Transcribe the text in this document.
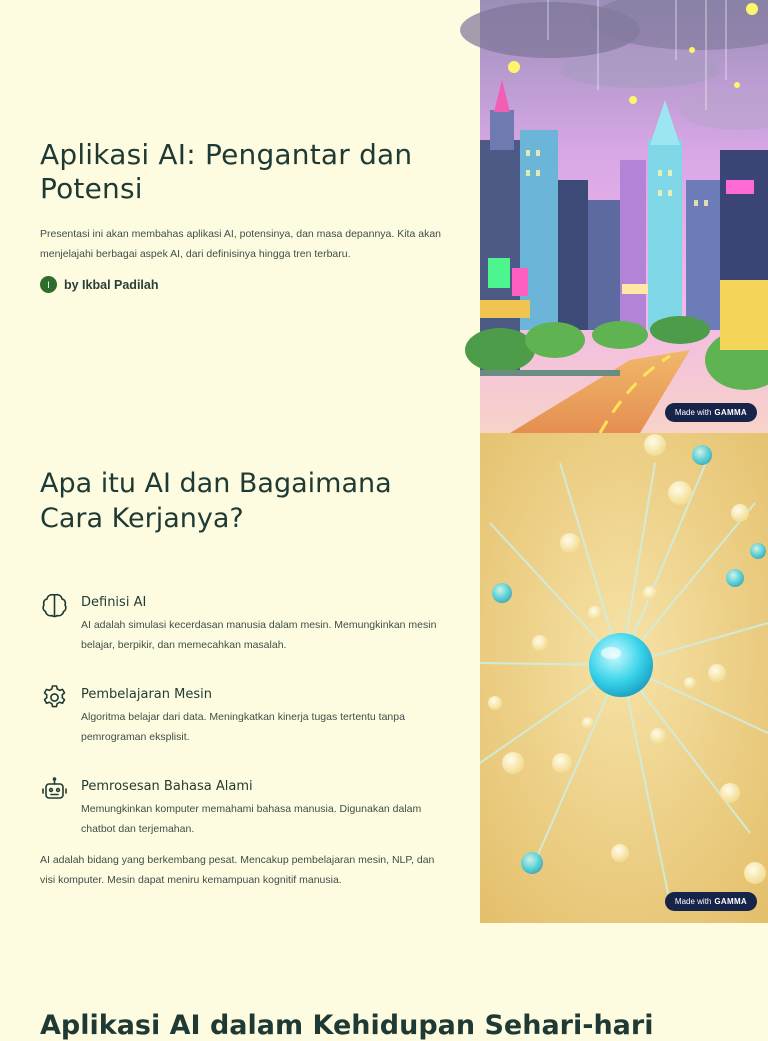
Aplikasi AI: Pengantar dan Potensi

Presentasi ini akan membahas aplikasi AI, potensinya, dan masa depannya. Kita akan menjelajahi berbagai aspek AI, dari definisinya hingga tren terbaru.

I	by Ikbal Padilah
Made with GAMMA
Apa itu AI dan Bagaimana Cara Kerjanya?
Definisi AI
AI adalah simulasi kecerdasan manusia dalam mesin. Memungkinkan mesin belajar, berpikir, dan memecahkan masalah.
Pembelajaran Mesin
Algoritma belajar dari data. Meningkatkan kinerja tugas tertentu tanpa pemrograman eksplisit.
Pemrosesan Bahasa Alami
Memungkinkan komputer memahami bahasa manusia. Digunakan dalam chatbot dan terjemahan.

AI adalah bidang yang berkembang pesat. Mencakup pembelajaran mesin, NLP, dan visi komputer. Mesin dapat meniru kemampuan kognitif manusia.

Made with GAMMA
Aplikasi AI dalam Kehidupan Sehari-hari
